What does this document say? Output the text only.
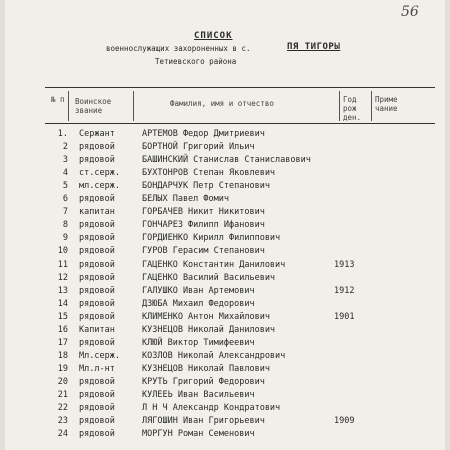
56
СПИСОК
военнослужащих захороненных в с.	ПЯ ТИГОРЫ
Тетиевского района
№ п Воинское звание
Фамилия, имя и отчество	Год рож ден.
Приме чание
1. Сержант	АРТЕМОВ Федор Дмитриевич
2 рядовой	БОРТНОЙ Григорий Ильич
3 рядовой	БАШИНСКИЙ Станислав Станиславович
4 ст.серж.	БУХТОНРОВ Степан Яковлевич
5 мл.серж.	БОНДАРЧУК Петр Степанович
6 рядовой	БЕЛЫХ Павел Фомич
7 капитан	ГОРБАЧЕВ Никит Никитович
8 рядовой	ГОНЧАРЕЗ Филипп Ифанович
9 рядовой	ГОРДИЕНКО Кирилл Филиппович
10 рядовой	ГУРОВ Герасим Степанович
11 рядовой	ГАЦЕНКО Константин Данилович	1913
12 рядовой	ГАЦЕНКО Василий Васильевич
13 рядовой	ГАЛУШКО Иван Артемович	1912
14 рядовой	ДЗЮБА Михаил Федорович
15 рядовой	КЛИМЕНКО Антон Михайлович	1901
16 Капитан	КУЗНЕЦОВ Николай Данилович
17 рядовой	КЛЮЙ Виктор Тимифеевич
18 Мл.серж.	КОЗЛОВ Николай Александрович
19 Мл.л-нт	КУЗНЕЦОВ Николай Павлович
20 рядовой	КРУТЬ Григорий Федорович
21 рядовой	КУЛЕЕЬ Иван Васильевич
22 рядовой	Л Н Ч Александр Кондратович
23 рядовой	ЛЯГОШИН Иван Григорьевич	1909
24 рядовой	МОРГУН Роман Семенович
